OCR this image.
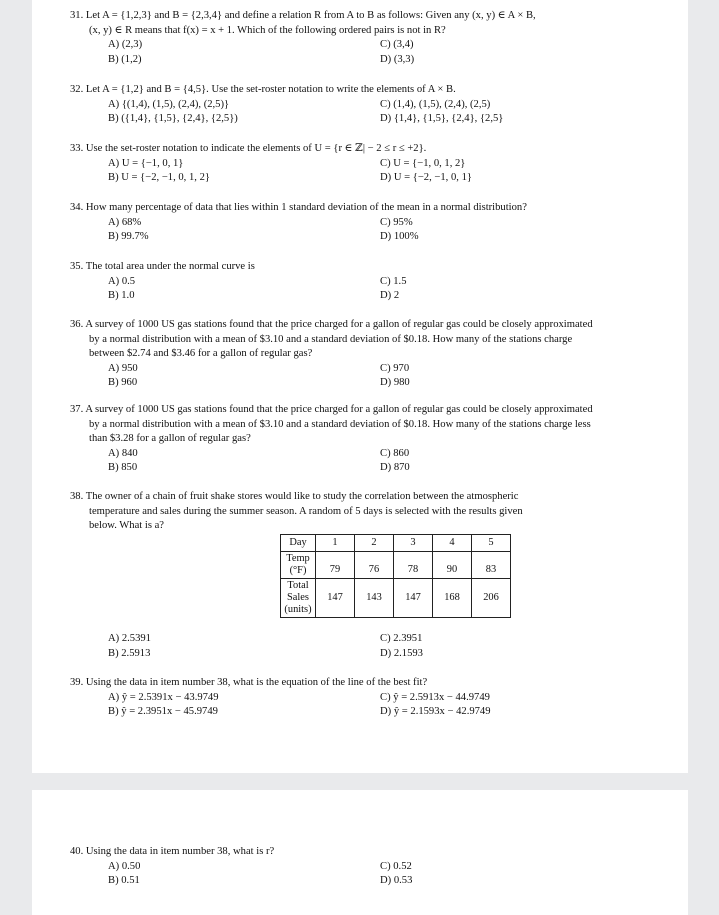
31. Let A = {1,2,3} and B = {2,3,4} and define a relation R from A to B as follows: Given any (x, y) ∈ A × B,
(x, y) ∈ R means that f(x) = x + 1. Which of the following ordered pairs is not in R?
A) (2,3)
B) (1,2)
C) (3,4)
D) (3,3)
32. Let A = {1,2} and B = {4,5}. Use the set-roster notation to write the elements of A × B.
A) {(1,4), (1,5), (2,4), (2,5)}
B) ({1,4}, {1,5}, {2,4}, {2,5})
C) (1,4), (1,5), (2,4), (2,5)
D) {1,4}, {1,5}, {2,4}, {2,5}
33. Use the set-roster notation to indicate the elements of U = {r ∈ ℤ| − 2 ≤ r ≤ +2}.
A) U = {−1, 0, 1}
B) U = {−2, −1, 0, 1, 2}
C) U = {−1, 0, 1, 2}
D) U = {−2, −1, 0, 1}
34. How many percentage of data that lies within 1 standard deviation of the mean in a normal distribution?
A) 68%
B) 99.7%
C) 95%
D) 100%
35. The total area under the normal curve is
A) 0.5
B) 1.0
C) 1.5
D) 2
36. A survey of 1000 US gas stations found that the price charged for a gallon of regular gas could be closely approximated
by a normal distribution with a mean of $3.10 and a standard deviation of $0.18. How many of the stations charge
between $2.74 and $3.46 for a gallon of regular gas?
A) 950
B) 960
C) 970
D) 980
37. A survey of 1000 US gas stations found that the price charged for a gallon of regular gas could be closely approximated
by a normal distribution with a mean of $3.10 and a standard deviation of $0.18. How many of the stations charge less
than $3.28 for a gallon of regular gas?
A) 840
B) 850
C) 860
D) 870
38. The owner of a chain of fruit shake stores would like to study the correlation between the atmospheric
temperature and sales during the summer season. A random of 5 days is selected with the results given
below. What is a?
Day	1	2	3	4	5
Temp
(°F)	79	76	78	90	83
Total
Sales
(units)	147	143	147	168	206
A) 2.5391
B) 2.5913
C) 2.3951
D) 2.1593
39. Using the data in item number 38, what is the equation of the line of the best fit?
A) ŷ = 2.5391x − 43.9749
B) ŷ = 2.3951x − 45.9749
C) ŷ = 2.5913x − 44.9749
D) ŷ = 2.1593x − 42.9749
40. Using the data in item number 38, what is r?
A) 0.50
B) 0.51
C) 0.52
D) 0.53
